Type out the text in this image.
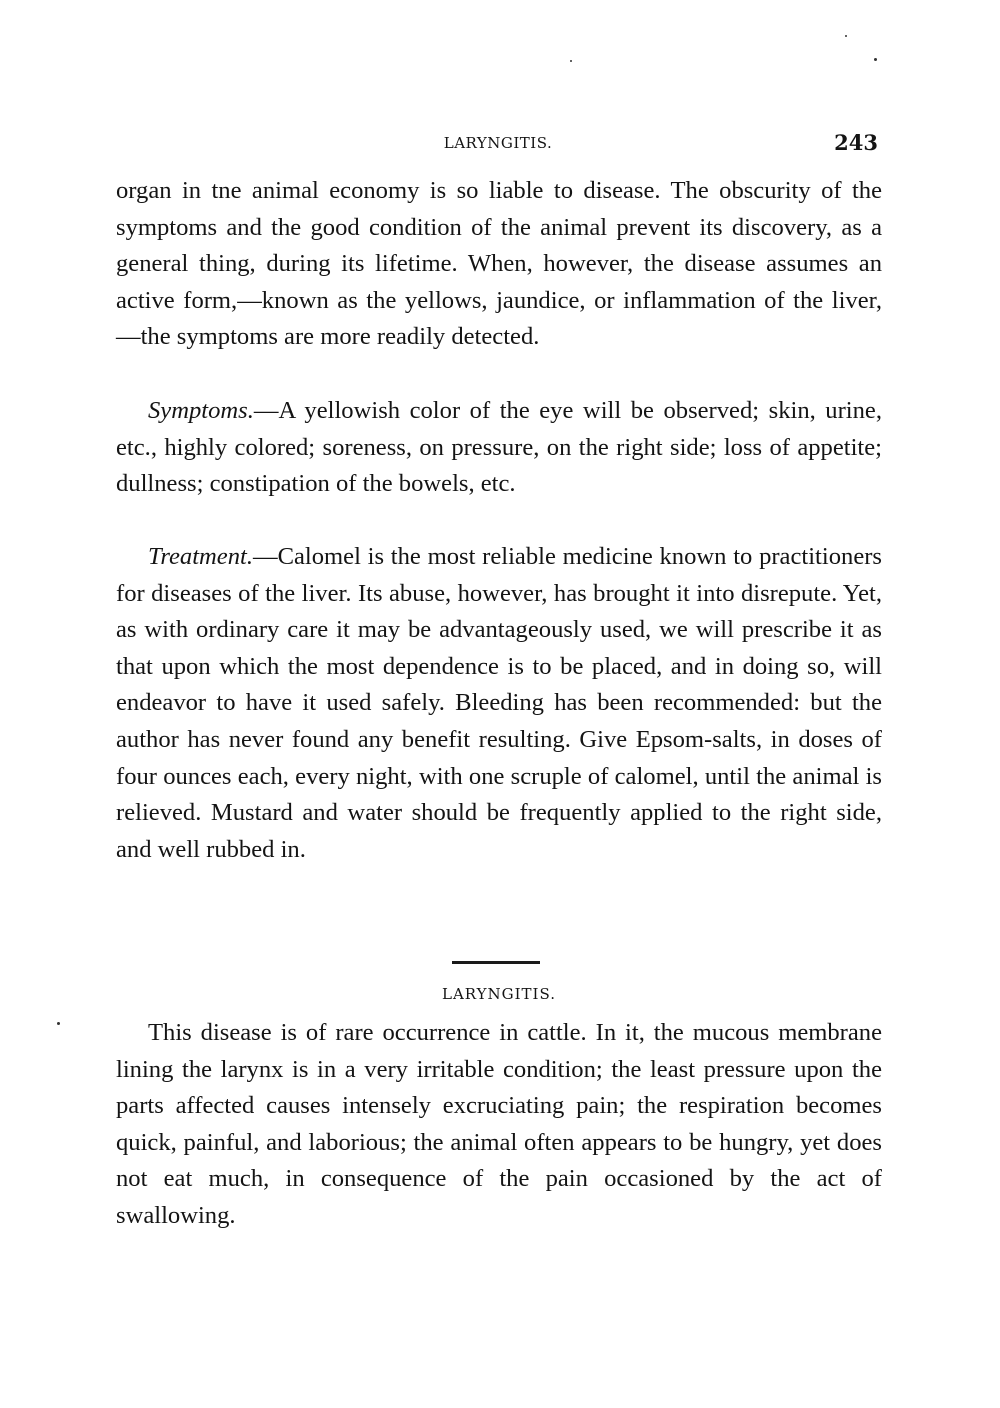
LARYNGITIS.	243

organ in tne animal economy is so liable to disease. The obscurity of the symptoms and the good condition of the animal prevent its discovery, as a general thing, during its lifetime. When, however, the disease assumes an active form,—known as the yellows, jaundice, or inflammation of the liver,—the symptoms are more readily detected.

Symptoms.—A yellowish color of the eye will be observed; skin, urine, etc., highly colored; soreness, on pressure, on the right side; loss of appetite; dullness; constipation of the bowels, etc.

Treatment.—Calomel is the most reliable medicine known to practitioners for diseases of the liver. Its abuse, however, has brought it into disrepute. Yet, as with ordinary care it may be advantageously used, we will prescribe it as that upon which the most dependence is to be placed, and in doing so, will endeavor to have it used safely. Bleeding has been recommended: but the author has never found any benefit resulting. Give Epsom-salts, in doses of four ounces each, every night, with one scruple of calomel, until the animal is relieved. Mustard and water should be frequently applied to the right side, and well rubbed in.

LARYNGITIS.

This disease is of rare occurrence in cattle. In it, the mucous membrane lining the larynx is in a very irritable condition; the least pressure upon the parts affected causes intensely excruciating pain; the respiration becomes quick, painful, and laborious; the animal often appears to be hungry, yet does not eat much, in consequence of the pain occasioned by the act of swallowing.
